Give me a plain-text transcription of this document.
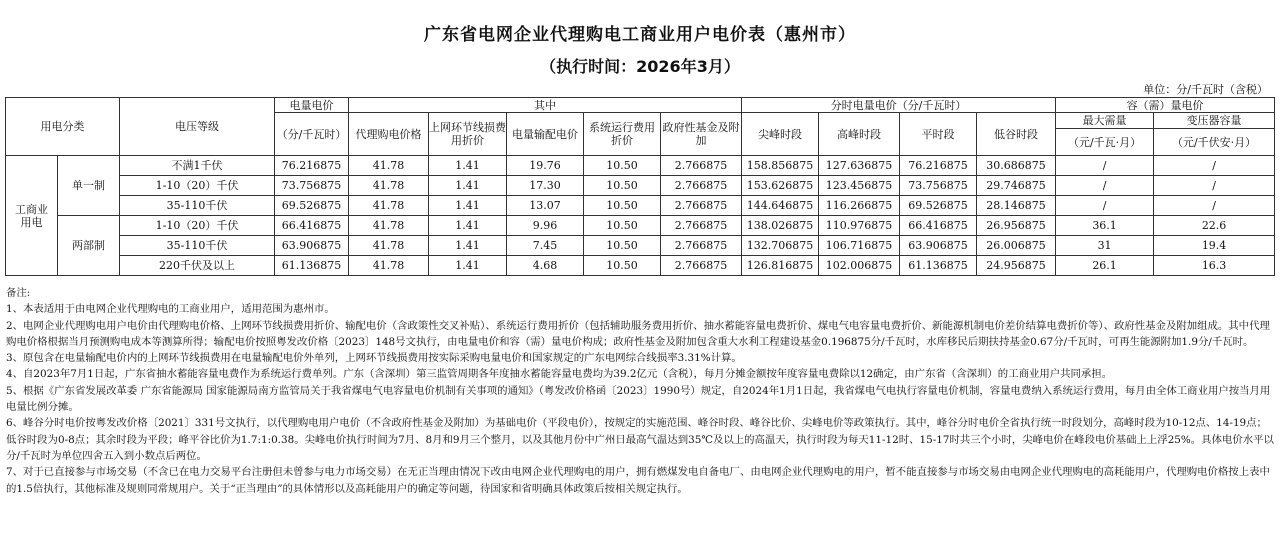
广东省电网企业代理购电工商业用户电价表（惠州市）
（执行时间：2026年3月）
单位：分/千瓦时（含税）
用电分类		电压等级	电量电价	其中					分时电量电价（分/千瓦时）				容（需）量电价	
			（分/千瓦时）	代理购电价格	上网环节线损费用折价	电量输配电价	系统运行费用折价	政府性基金及附加	尖峰时段	高峰时段	平时段	低谷时段	最大需量	变压器容量
													（元/千瓦·月）	（元/千伏安·月）
工商业用电	单一制	不满1千伏	76.216875	41.78	1.41	19.76	10.50	2.766875	158.856875	127.636875	76.216875	30.686875	/	/
		1-10（20）千伏	73.756875	41.78	1.41	17.30	10.50	2.766875	153.626875	123.456875	73.756875	29.746875	/	/
		35-110千伏	69.526875	41.78	1.41	13.07	10.50	2.766875	144.646875	116.266875	69.526875	28.146875	/	/
	两部制	1-10（20）千伏	66.416875	41.78	1.41	9.96	10.50	2.766875	138.026875	110.976875	66.416875	26.956875	36.1	22.6
		35-110千伏	63.906875	41.78	1.41	7.45	10.50	2.766875	132.706875	106.716875	63.906875	26.006875	31	19.4
		220千伏及以上	61.136875	41.78	1.41	4.68	10.50	2.766875	126.816875	102.006875	61.136875	24.956875	26.1	16.3

备注:

1、本表适用于由电网企业代理购电的工商业用户，适用范围为惠州市。

2、电网企业代理购电用户电价由代理购电价格、上网环节线损费用折价、输配电价（含政策性交叉补贴）、系统运行费用折价（包括辅助服务费用折价、抽水蓄能容量电费折价、煤电气电容量电费折价、新能源机制电价差价结算电费折价等）、政府性基金及附加组成。其中代理购电价格根据当月预测购电成本等测算所得；输配电价按照粤发改价格〔2023〕148号文执行，由电量电价和容（需）量电价构成；政府性基金及附加包含重大水利工程建设基金0.196875分/千瓦时，水库移民后期扶持基金0.67分/千瓦时，可再生能源附加1.9分/千瓦时。

3、原包含在电量输配电价内的上网环节线损费用在电量输配电价外单列，上网环节线损费用按实际采购电量电价和国家规定的广东电网综合线损率3.31%计算。

4、自2023年7月1日起，广东省抽水蓄能容量电费作为系统运行费单列。广东（含深圳）第三监管周期各年度抽水蓄能容量电费均为39.2亿元（含税），每月分摊金额按年度容量电费除以12确定，由广东省（含深圳）的工商业用户共同承担。

5、根据《广东省发展改革委 广东省能源局 国家能源局南方监管局关于我省煤电气电容量电价机制有关事项的通知》（粤发改价格函〔2023〕1990号）规定，自2024年1月1日起，我省煤电气电执行容量电价机制，容量电费纳入系统运行费用，每月由全体工商业用户按当月用电量比例分摊。

6、峰谷分时电价按粤发改价格〔2021〕331号文执行，以代理购电用户电价（不含政府性基金及附加）为基础电价（平段电价），按规定的实施范围、峰谷时段、峰谷比价、尖峰电价等政策执行。其中，峰谷分时电价全省执行统一时段划分，高峰时段为10-12点、14-19点；低谷时段为0-8点；其余时段为平段；峰平谷比价为1.7:1:0.38。尖峰电价执行时间为7月、8月和9月三个整月，以及其他月份中广州日最高气温达到35℃及以上的高温天，执行时段为每天11-12时、15-17时共三个小时，尖峰电价在峰段电价基础上上浮25%。具体电价水平以分/千瓦时为单位四舍五入到小数点后两位。

7、对于已直接参与市场交易（不含已在电力交易平台注册但未曾参与电力市场交易）在无正当理由情况下改由电网企业代理购电的用户，拥有燃煤发电自备电厂、由电网企业代理购电的用户，暂不能直接参与市场交易由电网企业代理购电的高耗能用户，代理购电价格按上表中的1.5倍执行，其他标准及规则同常规用户。关于“正当理由”的具体情形以及高耗能用户的确定等问题，待国家和省明确具体政策后按相关规定执行。
